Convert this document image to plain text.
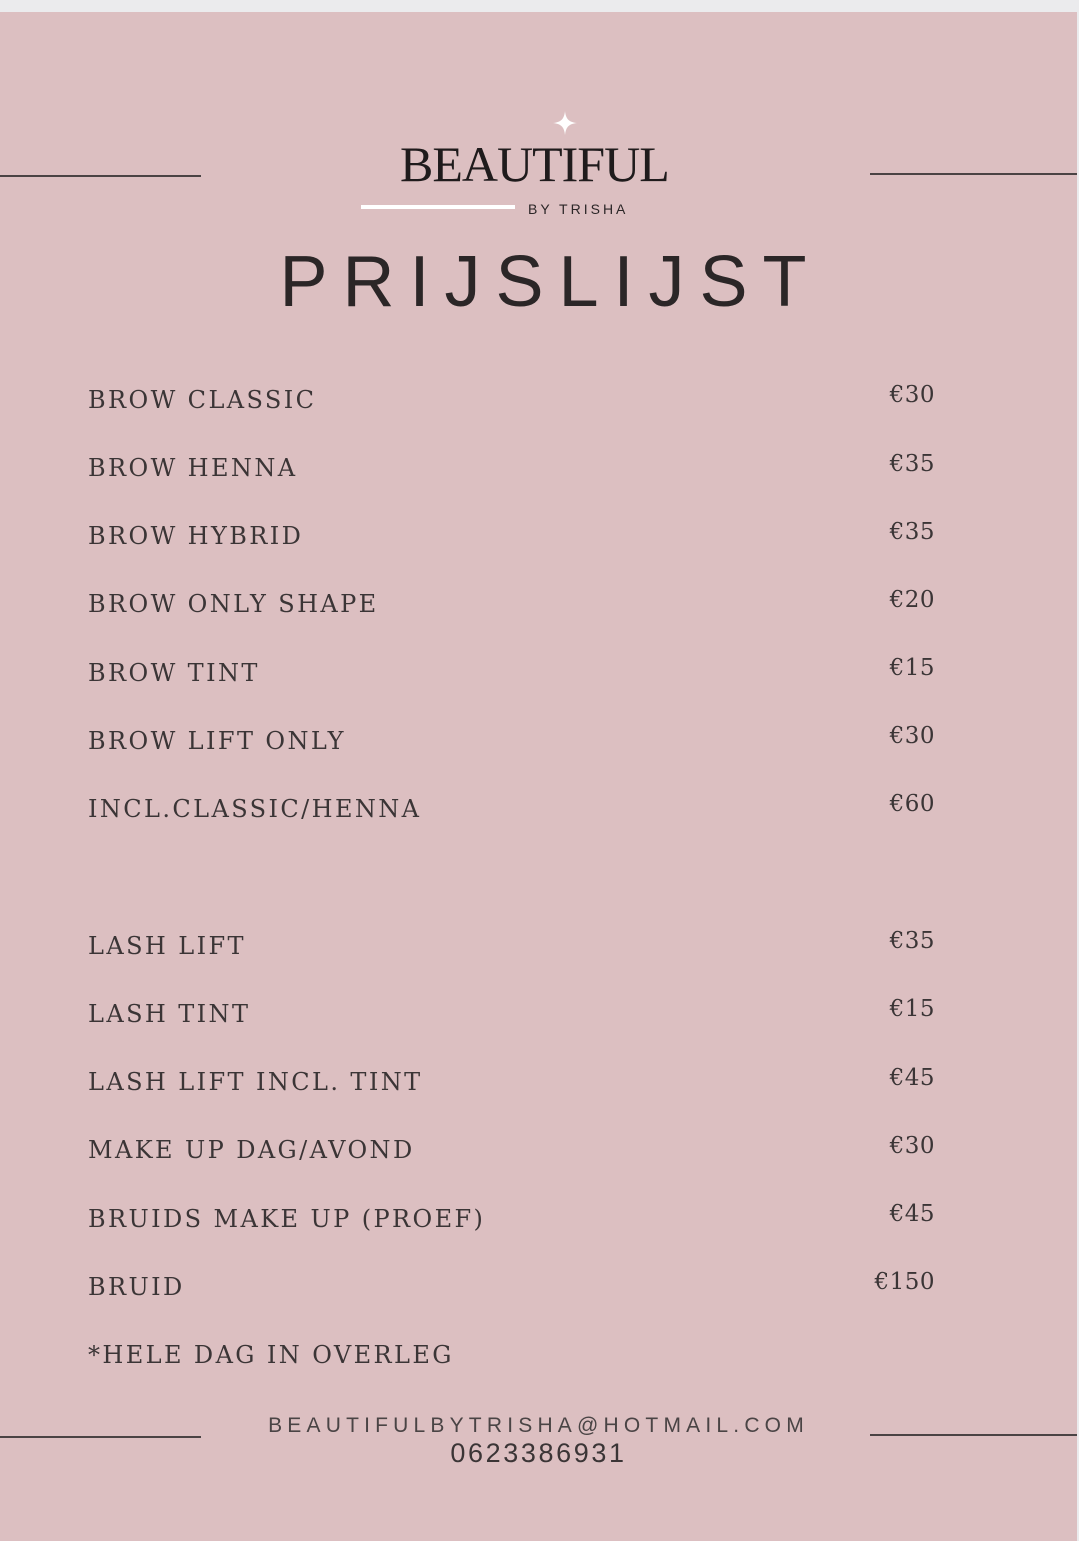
BEAUTIFUL
BY TRISHA
PRIJSLIJST
BROW CLASSIC	€30
BROW HENNA	€35
BROW HYBRID	€35
BROW ONLY SHAPE	€20
BROW TINT	€15
BROW LIFT ONLY	€30
INCL.CLASSIC/HENNA	€60
LASH LIFT	€35
LASH TINT	€15
LASH LIFT INCL. TINT	€45
MAKE UP DAG/AVOND	€30
BRUIDS MAKE UP (PROEF)	€45
BRUID	€150
*HELE DAG IN OVERLEG
BEAUTIFULBYTRISHA@HOTMAIL.COM
0623386931
